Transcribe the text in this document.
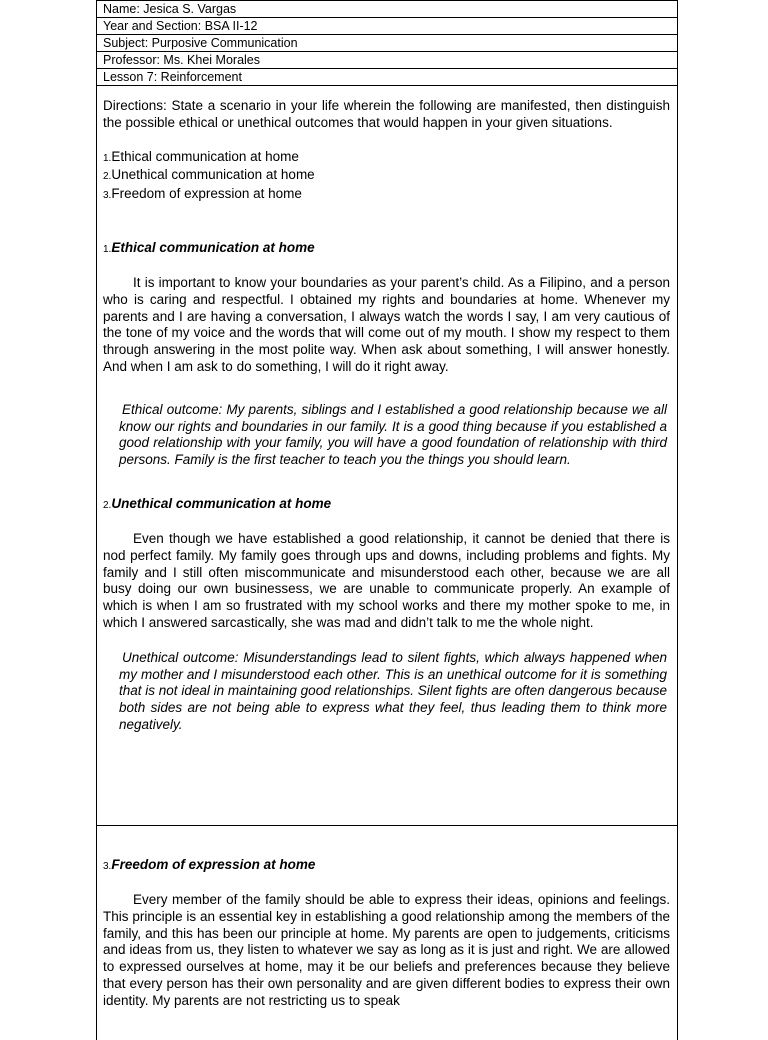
Name: Jesica S. Vargas
Year and Section: BSA II-12
Subject: Purposive Communication
Professor: Ms. Khei Morales
Lesson 7: Reinforcement

Directions: State a scenario in your life wherein the following are manifested, then distinguish the possible ethical or unethical outcomes that would happen in your given situations.

1.Ethical communication at home
2.Unethical communication at home
3.Freedom of expression at home
1.Ethical communication at home

It is important to know your boundaries as your parent’s child. As a Filipino, and a person who is caring and respectful. I obtained my rights and boundaries at home. Whenever my parents and I are having a conversation, I always watch the words I say, I am very cautious of the tone of my voice and the words that will come out of my mouth. I show my respect to them through answering in the most polite way. When ask about something, I will answer honestly. And when I am ask to do something, I will do it right away.

Ethical outcome: My parents, siblings and I established a good relationship because we all know our rights and boundaries in our family. It is a good thing because if you established a good relationship with your family, you will have a good foundation of relationship with third persons. Family is the first teacher to teach you the things you should learn.

2.Unethical communication at home

Even though we have established a good relationship, it cannot be denied that there is nod perfect family. My family goes through ups and downs, including problems and fights. My family and I still often miscommunicate and misunderstood each other, because we are all busy doing our own businessess, we are unable to communicate properly. An example of which is when I am so frustrated with my school works and there my mother spoke to me, in which I answered sarcastically, she was mad and didn’t talk to me the whole night.

Unethical outcome: Misunderstandings lead to silent fights, which always happened when my mother and I misunderstood each other. This is an unethical outcome for it is something that is not ideal in maintaining good relationships. Silent fights are often dangerous because both sides are not being able to express what they feel, thus leading them to think more negatively.

3.Freedom of expression at home

Every member of the family should be able to express their ideas, opinions and feelings. This principle is an essential key in establishing a good relationship among the members of the family, and this has been our principle at home. My parents are open to judgements, criticisms and ideas from us, they listen to whatever we say as long as it is just and right. We are allowed to expressed ourselves at home, may it be our beliefs and preferences because they believe that every person has their own personality and are given different bodies to express their own identity. My parents are not restricting us to speak
